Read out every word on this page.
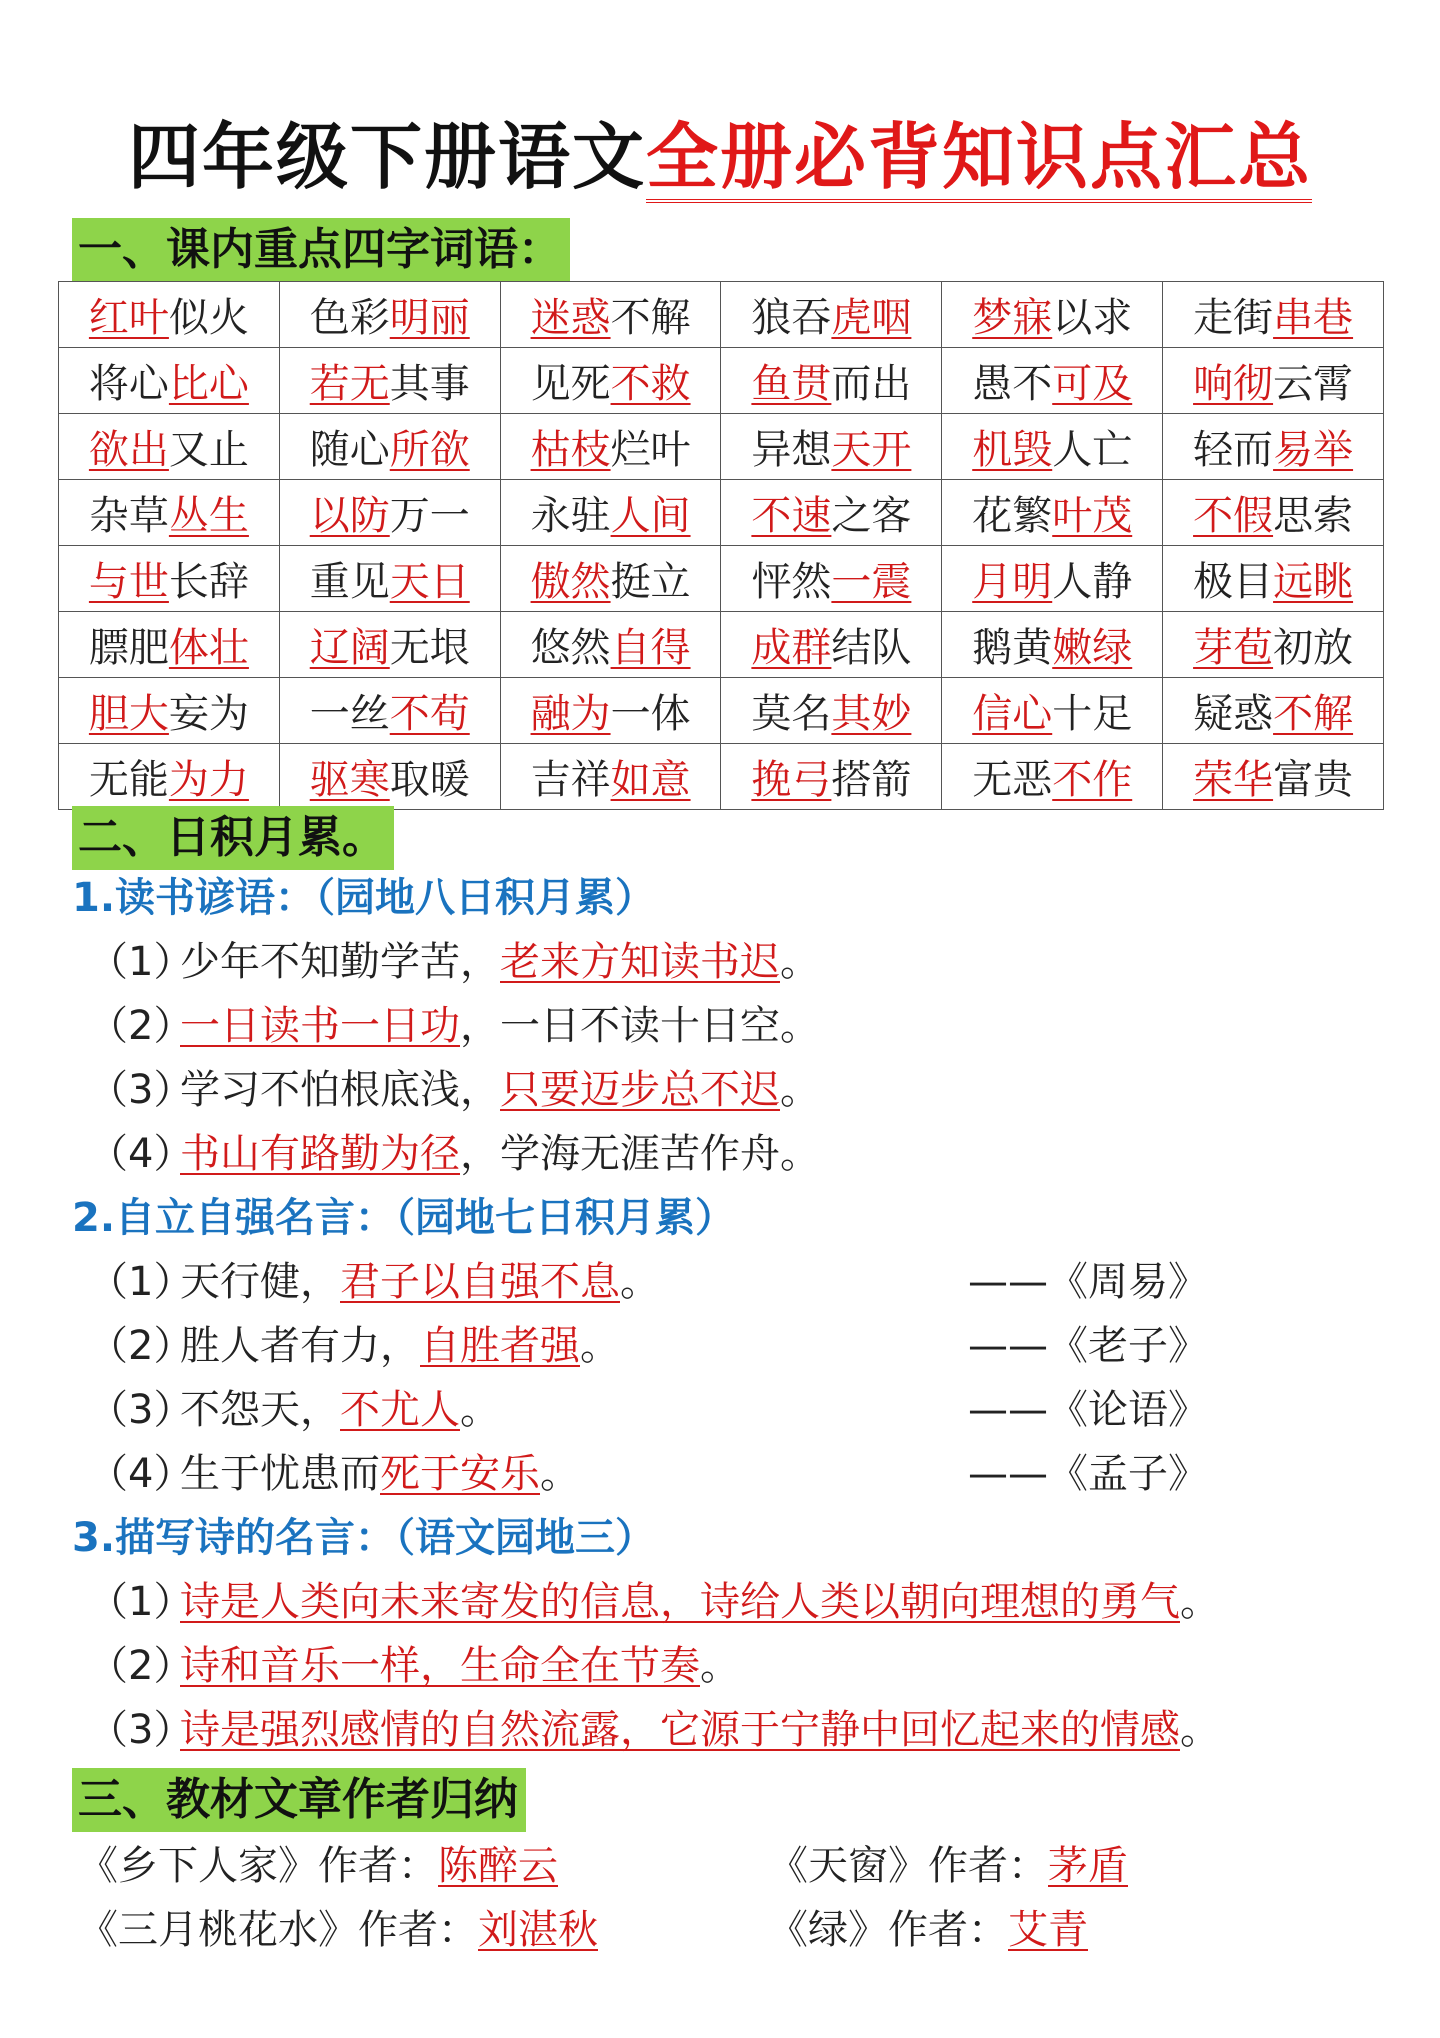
四年级下册语文全册必背知识点汇总
一、课内重点四字词语：
红叶似火	色彩明丽	迷惑不解	狼吞虎咽	梦寐以求	走街串巷
将心比心	若无其事	见死不救	鱼贯而出	愚不可及	响彻云霄
欲出又止	随心所欲	枯枝烂叶	异想天开	机毁人亡	轻而易举
杂草丛生	以防万一	永驻人间	不速之客	花繁叶茂	不假思索
与世长辞	重见天日	傲然挺立	怦然一震	月明人静	极目远眺
膘肥体壮	辽阔无垠	悠然自得	成群结队	鹅黄嫩绿	芽苞初放
胆大妄为	一丝不苟	融为一体	莫名其妙	信心十足	疑惑不解
无能为力	驱寒取暖	吉祥如意	挽弓搭箭	无恶不作	荣华富贵
二、日积月累。
1.读书谚语：（园地八日积月累）
（1）少年不知勤学苦，老来方知读书迟。
（2）一日读书一日功，一日不读十日空。
（3）学习不怕根底浅，只要迈步总不迟。
（4）书山有路勤为径，学海无涯苦作舟。
2.自立自强名言：（园地七日积月累）
（1）天行健，君子以自强不息。	——《周易》
（2）胜人者有力，自胜者强。	——《老子》
（3）不怨天，不尤人。	——《论语》
（4）生于忧患而死于安乐。	——《孟子》
3.描写诗的名言：（语文园地三）
（1）诗是人类向未来寄发的信息，诗给人类以朝向理想的勇气。
（2）诗和音乐一样，生命全在节奏。
（3）诗是强烈感情的自然流露，它源于宁静中回忆起来的情感。
三、教材文章作者归纳
《乡下人家》作者：陈醉云	《天窗》作者：茅盾
《三月桃花水》作者：刘湛秋	《绿》作者：艾青
